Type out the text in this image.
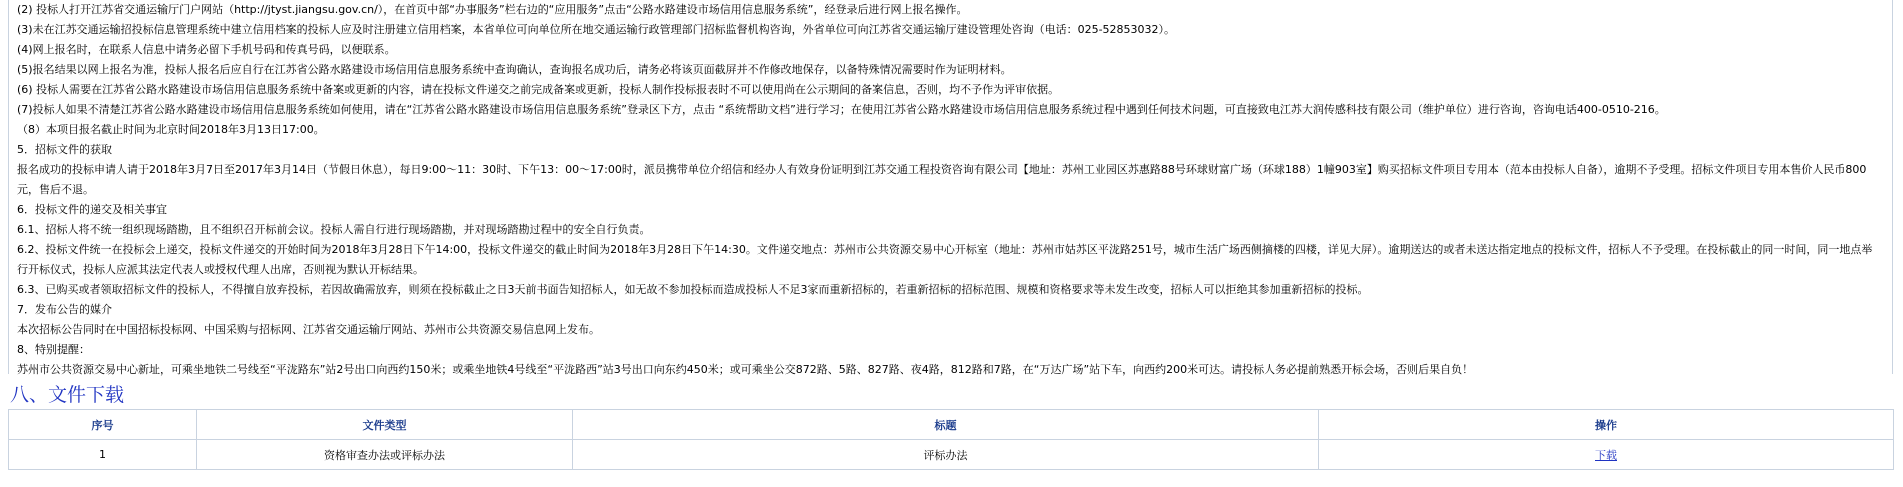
(2) 投标人打开江苏省交通运输厅门户网站（http://jtyst.jiangsu.gov.cn/），在首页中部“办事服务”栏右边的“应用服务”点击“公路水路建设市场信用信息服务系统”，经登录后进行网上报名操作。
(3)未在江苏交通运输招投标信息管理系统中建立信用档案的投标人应及时注册建立信用档案，本省单位可向单位所在地交通运输行政管理部门招标监督机构咨询，外省单位可向江苏省交通运输厅建设管理处咨询（电话：025-52853032）。
(4)网上报名时，在联系人信息中请务必留下手机号码和传真号码，以便联系。
(5)报名结果以网上报名为准，投标人报名后应自行在江苏省公路水路建设市场信用信息服务系统中查询确认，查询报名成功后，请务必将该页面截屏并不作修改地保存，以备特殊情况需要时作为证明材料。
(6) 投标人需要在江苏省公路水路建设市场信用信息服务系统中备案或更新的内容，请在投标文件递交之前完成备案或更新，投标人制作投标报表时不可以使用尚在公示期间的备案信息，否则，均不予作为评审依据。
(7)投标人如果不清楚江苏省公路水路建设市场信用信息服务系统如何使用，请在“江苏省公路水路建设市场信用信息服务系统”登录区下方，点击 “系统帮助文档”进行学习；在使用江苏省公路水路建设市场信用信息服务系统过程中遇到任何技术问题，可直接致电江苏大润传感科技有限公司（维护单位）进行咨询，咨询电话400-0510-216。
（8）本项目报名截止时间为北京时间2018年3月13日17:00。
5．招标文件的获取
报名成功的投标申请人请于2018年3月7日至2017年3月14日（节假日休息），每日9:00～11：30时、下午13：00～17:00时，派员携带单位介绍信和经办人有效身份证明到江苏交通工程投资咨询有限公司【地址：苏州工业园区苏惠路88号环球财富广场（环球188）1幢903室】购买招标文件项目专用本（范本由投标人自备），逾期不予受理。招标文件项目专用本售价人民币800元，售后不退。
6．投标文件的递交及相关事宜
6.1、招标人将不统一组织现场踏勘，且不组织召开标前会议。投标人需自行进行现场踏勘，并对现场踏勘过程中的安全自行负责。
6.2、投标文件统一在投标会上递交，投标文件递交的开始时间为2018年3月28日下午14:00，投标文件递交的截止时间为2018年3月28日下午14:30。文件递交地点：苏州市公共资源交易中心开标室（地址：苏州市姑苏区平泷路251号，城市生活广场西侧摘楼的四楼，详见大屏）。逾期送达的或者未送达指定地点的投标文件，招标人不予受理。在投标截止的同一时间，同一地点举行开标仪式，投标人应派其法定代表人或授权代理人出席，否则视为默认开标结果。
6.3、已购买或者领取招标文件的投标人，不得擅自放弃投标，若因故确需放弃，则须在投标截止之日3天前书面告知招标人，如无故不参加投标而造成投标人不足3家而重新招标的，若重新招标的招标范围、规模和资格要求等未发生改变，招标人可以拒绝其参加重新招标的投标。
7．发布公告的媒介
本次招标公告同时在中国招标投标网、中国采购与招标网、江苏省交通运输厅网站、苏州市公共资源交易信息网上发布。
8、特别提醒：
苏州市公共资源交易中心新址，可乘坐地铁二号线至“平泷路东”站2号出口向西约150米；或乘坐地铁4号线至“平泷路西”站3号出口向东约450米；或可乘坐公交872路、5路、827路、夜4路，812路和7路，在“万达广场”站下车，向西约200米可达。请投标人务必提前熟悉开标会场，否则后果自负！
八、文件下载
序号	文件类型	标题	操作
1	资格审查办法或评标办法	评标办法	下载
